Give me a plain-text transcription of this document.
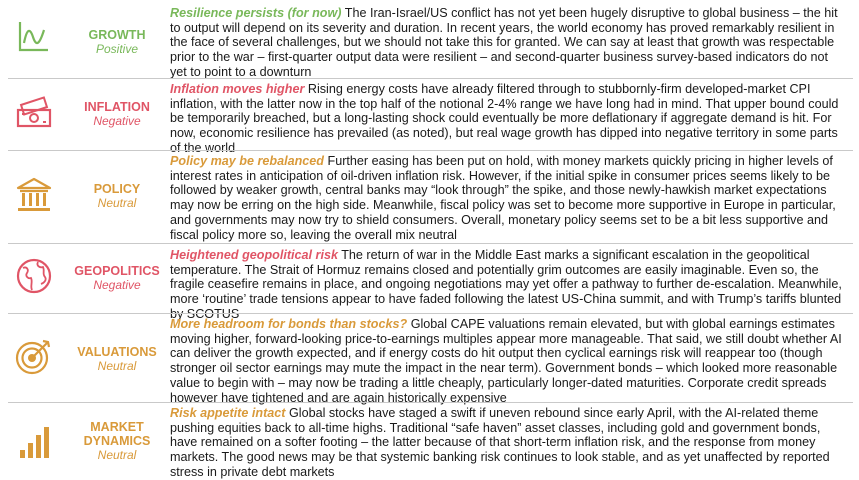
GROWTH
Positive

Resilience persists (for now) The Iran-Israel/US conflict has not yet been hugely disruptive to global business – the hit to output will depend on its severity and duration. In recent years, the world economy has proved remarkably resilient in the face of several challenges, but we should not take this for granted. We can say at least that growth was respectable prior to the war – first-quarter output data were resilient – and second-quarter business survey-based indicators do not yet to point to a downturn

INFLATION
Negative

Inflation moves higher Rising energy costs have already filtered through to stubbornly-firm developed-market CPI inflation, with the latter now in the top half of the notional 2-4% range we have long had in mind. That upper bound could be temporarily breached, but a long-lasting shock could eventually be more deflationary if aggregate demand is hit. For now, economic resilience has prevailed (as noted), but real wage growth has dipped into negative territory in some parts of the world

POLICY
Neutral

Policy may be rebalanced Further easing has been put on hold, with money markets quickly pricing in higher levels of interest rates in anticipation of oil-driven inflation risk. However, if the initial spike in consumer prices seems likely to be followed by weaker growth, central banks may “look through” the spike, and those newly-hawkish market expectations may now be erring on the high side. Meanwhile, fiscal policy was set to become more supportive in Europe in particular, and governments may now try to shield consumers. Overall, monetary policy seems set to be a bit less supportive and fiscal policy more so, leaving the overall mix neutral

GEOPOLITICS
Negative

Heightened geopolitical risk The return of war in the Middle East marks a significant escalation in the geopolitical temperature. The Strait of Hormuz remains closed and potentially grim outcomes are easily imaginable. Even so, the fragile ceasefire remains in place, and ongoing negotiations may yet offer a pathway to further de-escalation. Meanwhile, more ‘routine’ trade tensions appear to have faded following the latest US-China summit, and with Trump’s tariffs blunted by SCOTUS

VALUATIONS
Neutral

More headroom for bonds than stocks? Global CAPE valuations remain elevated, but with global earnings estimates moving higher, forward-looking price-to-earnings multiples appear more manageable. That said, we still doubt whether AI can deliver the growth expected, and if energy costs do hit output then cyclical earnings risk will reappear too (though stronger oil sector earnings may mute the impact in the near term). Government bonds – which looked more reasonable value to begin with – may now be trading a little cheaply, particularly longer-dated maturities. Corporate credit spreads however have tightened and are again historically expensive

MARKET DYNAMICS
Neutral

Risk appetite intact Global stocks have staged a swift if uneven rebound since early April, with the AI-related theme pushing equities back to all-time highs. Traditional “safe haven” asset classes, including gold and government bonds, have remained on a softer footing – the latter because of that short-term inflation risk, and the response from money markets. The good news may be that systemic banking risk continues to look stable, and as yet unaffected by reported stress in private debt markets
